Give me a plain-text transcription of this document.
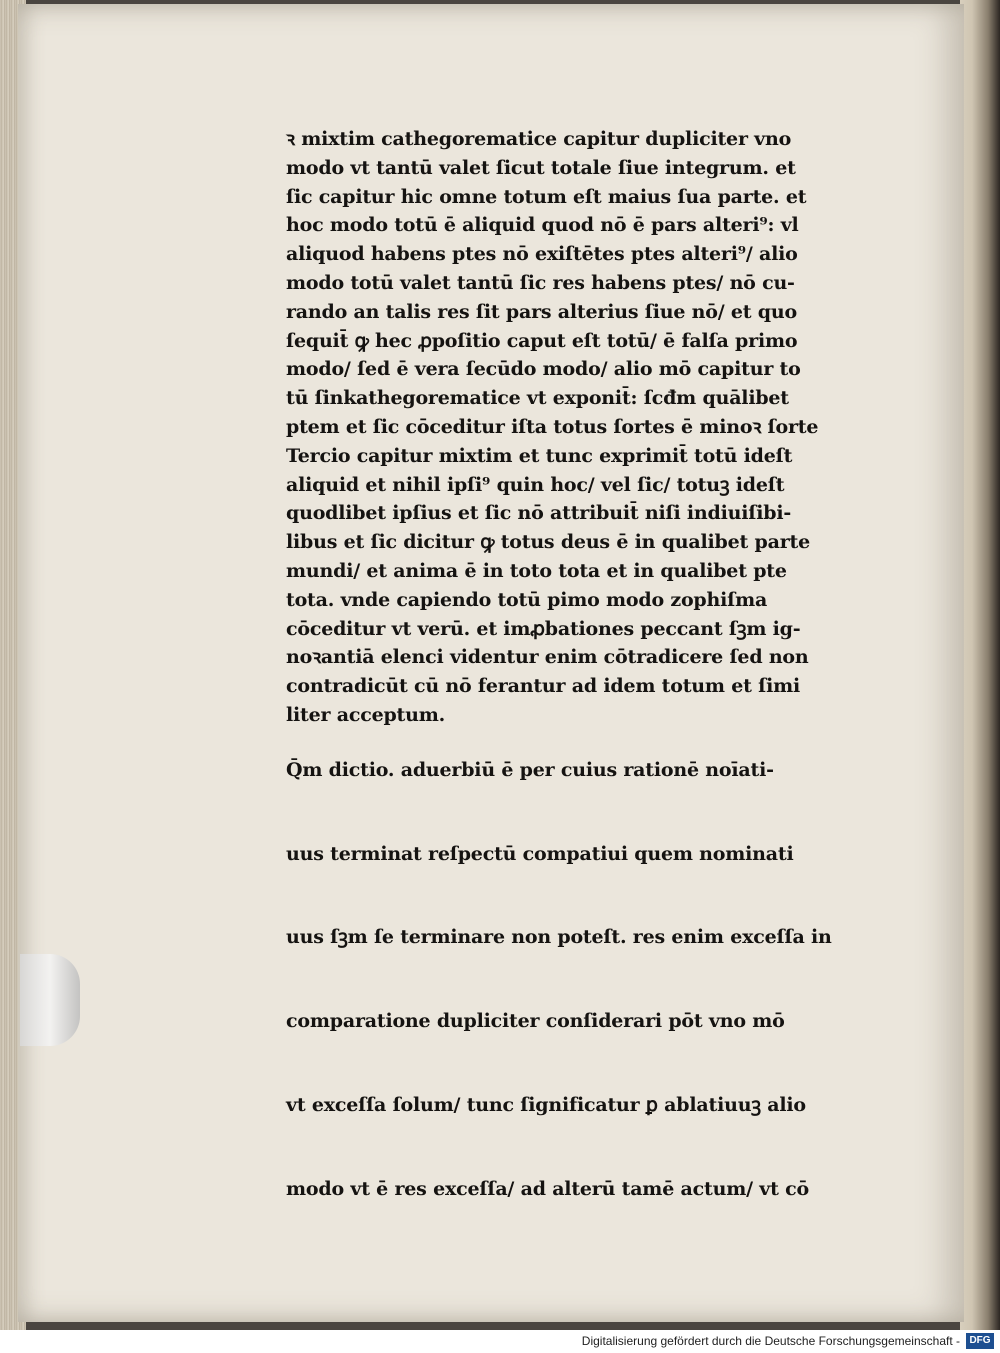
ꝛ mixtim cathegorematice capitur dupliciter vno
modo vt tantū valet ſicut totale ſiue integrum. et
ſic capitur hic omne totum eſt maius ſua parte. et
hoc modo totū ē aliquid quod nō ē pars alteri⁹: vl
aliquod habens ptes nō exiſtētes ptes alteri⁹/ alio
modo totū valet tantū ſic res habens ptes/ nō cu-
rando an talis res ſit pars alterius ſiue nō/ et quo
ſequit̄ ꝙ hec ꝓpoſitio caput eſt totū/ ē falſa primo
modo/ ſed ē vera ſecūdo modo/ alio mō capitur to
tū ſinkathegorematice vt exponit̄: ſcđm quālibet
ptem et ſic cōceditur iſta totus ſortes ē minoꝛ ſorte
Tercio capitur mixtim et tunc exprimit̄ totū ideſt
aliquid et nihil ipſi⁹ quin hoc/ vel ſic/ totuꝫ ideſt
quodlibet ipſius et ſic nō attribuit̄ niſi indiuiſibi-
libus et ſic dicitur ꝙ totus deus ē in qualibet parte
mundi/ et anima ē in toto tota et in qualibet pte
tota. vnde capiendo totū pimo modo zophiſma
cōceditur vt verū. et imꝓbationes peccant ſꝫm ig-
noꝛantiā elenci videntur enim cōtradicere ſed non
contradicūt cū nō ferantur ad idem totum et ſimi
liter acceptum.
Q̄m dictio. aduerbiū ē per cuius rationē noīati-
uus terminat reſpectū compatiui quem nominati
uus ſꝫm ſe terminare non poteſt. res enim exceſſa in
comparatione dupliciter conſiderari pōt vno mō
vt exceſſa ſolum/ tunc ſignificatur ꝑ ablatiuuꝫ alio
modo vt ē res exceſſa/ ad alterū tamē actum/ vt cō
Digitalisierung gefördert durch die Deutsche Forschungsgemeinschaft - DFG
